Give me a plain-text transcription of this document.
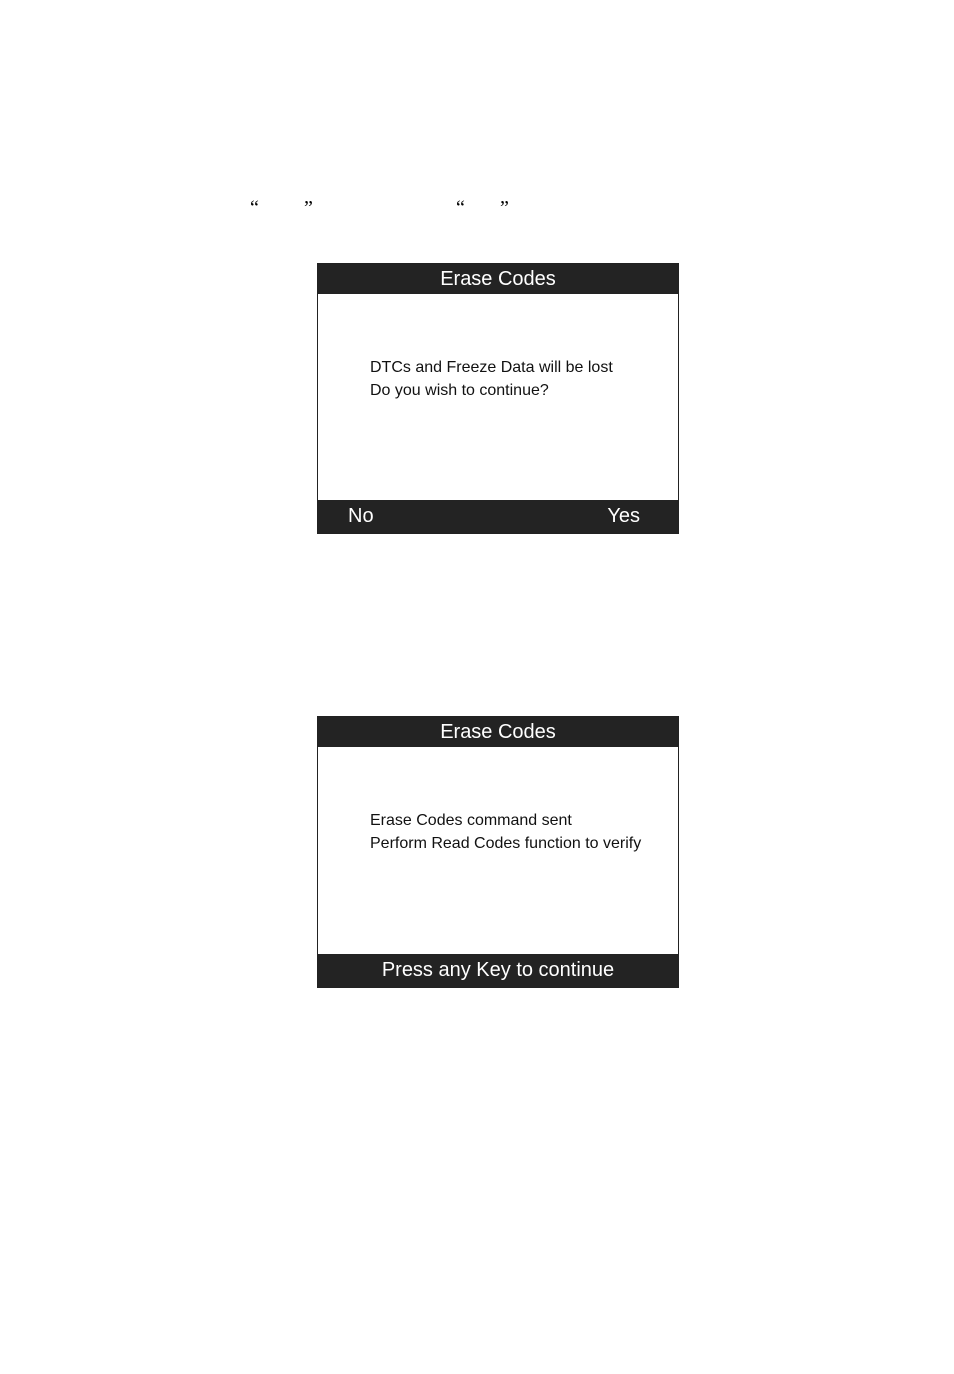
“ ”	“ ”
Erase Codes
DTCs and Freeze Data will be lost
Do you wish to continue?
No	Yes
Erase Codes
Erase Codes command sent
Perform Read Codes function to verify
Press any Key to continue
